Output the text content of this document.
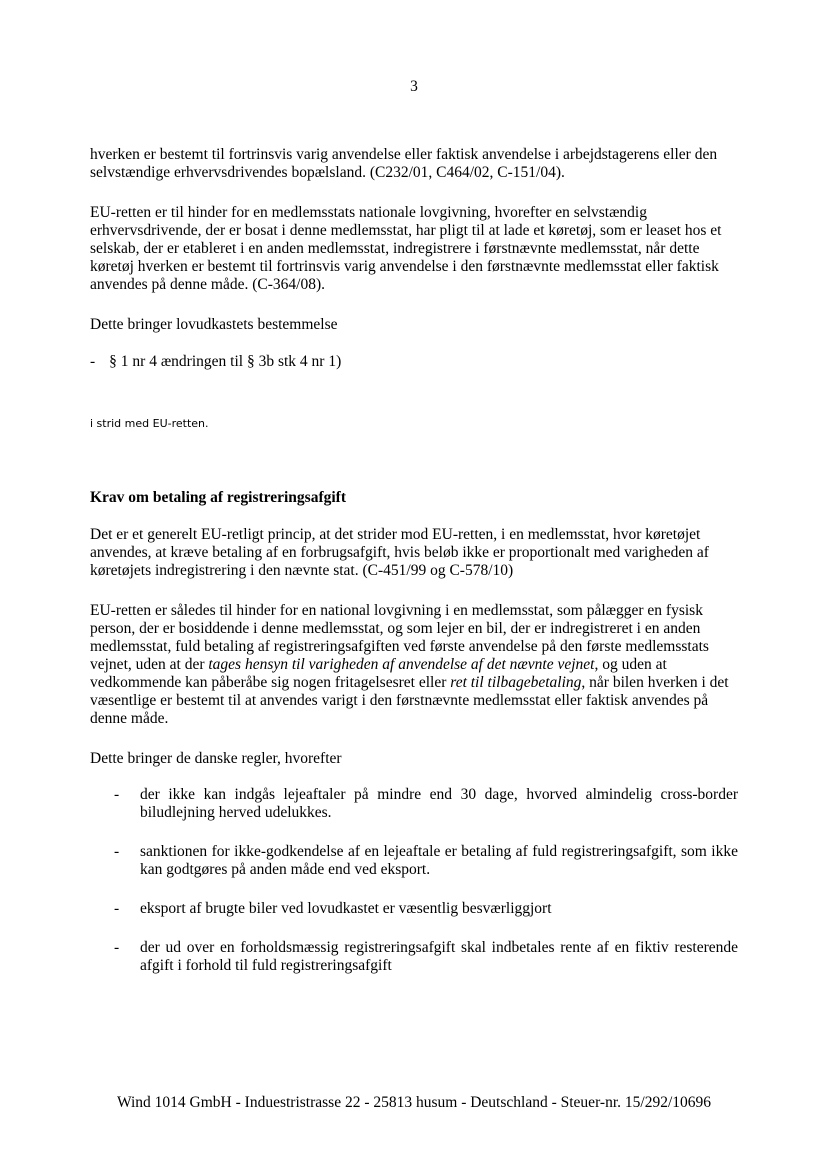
3

hverken er bestemt til fortrinsvis varig anvendelse eller faktisk anvendelse i arbejdstagerens eller den selvstændige erhvervsdrivendes bopælsland. (C232/01, C464/02, C-151/04).

EU-retten er til hinder for en medlemsstats nationale lovgivning, hvorefter en selvstændig erhvervsdrivende, der er bosat i denne medlemsstat, har pligt til at lade et køretøj, som er leaset hos et selskab, der er etableret i en anden medlemsstat, indregistrere i førstnævnte medlemsstat, når dette køretøj hverken er bestemt til fortrinsvis varig anvendelse i den førstnævnte medlemsstat eller faktisk anvendes på denne måde. (C-364/08).

Dette bringer lovudkastets bestemmelse

- § 1 nr 4 ændringen til § 3b stk 4 nr 1)

i strid med EU-retten.

Krav om betaling af registreringsafgift

Det er et generelt EU-retligt princip, at det strider mod EU-retten, i en medlemsstat, hvor køretøjet anvendes, at kræve betaling af en forbrugsafgift, hvis beløb ikke er proportionalt med varigheden af køretøjets indregistrering i den nævnte stat. (C-451/99 og C-578/10)

EU-retten er således til hinder for en national lovgivning i en medlemsstat, som pålægger en fysisk person, der er bosiddende i denne medlemsstat, og som lejer en bil, der er indregistreret i en anden medlemsstat, fuld betaling af registreringsafgiften ved første anvendelse på den første medlemsstats vejnet, uden at der tages hensyn til varigheden af anvendelse af det nævnte vejnet, og uden at vedkommende kan påberåbe sig nogen fritagelsesret eller ret til tilbagebetaling, når bilen hverken i det væsentlige er bestemt til at anvendes varigt i den førstnævnte medlemsstat eller faktisk anvendes på denne måde.

Dette bringer de danske regler, hvorefter

- der ikke kan indgås lejeaftaler på mindre end 30 dage, hvorved almindelig cross-border biludlejning herved udelukkes.
- sanktionen for ikke-godkendelse af en lejeaftale er betaling af fuld registreringsafgift, som ikke kan godtgøres på anden måde end ved eksport.
- eksport af brugte biler ved lovudkastet er væsentlig besværliggjort
- der ud over en forholdsmæssig registreringsafgift skal indbetales rente af en fiktiv resterende afgift i forhold til fuld registreringsafgift
Wind 1014 GmbH - Induestristrasse 22 - 25813 husum - Deutschland - Steuer-nr. 15/292/10696
